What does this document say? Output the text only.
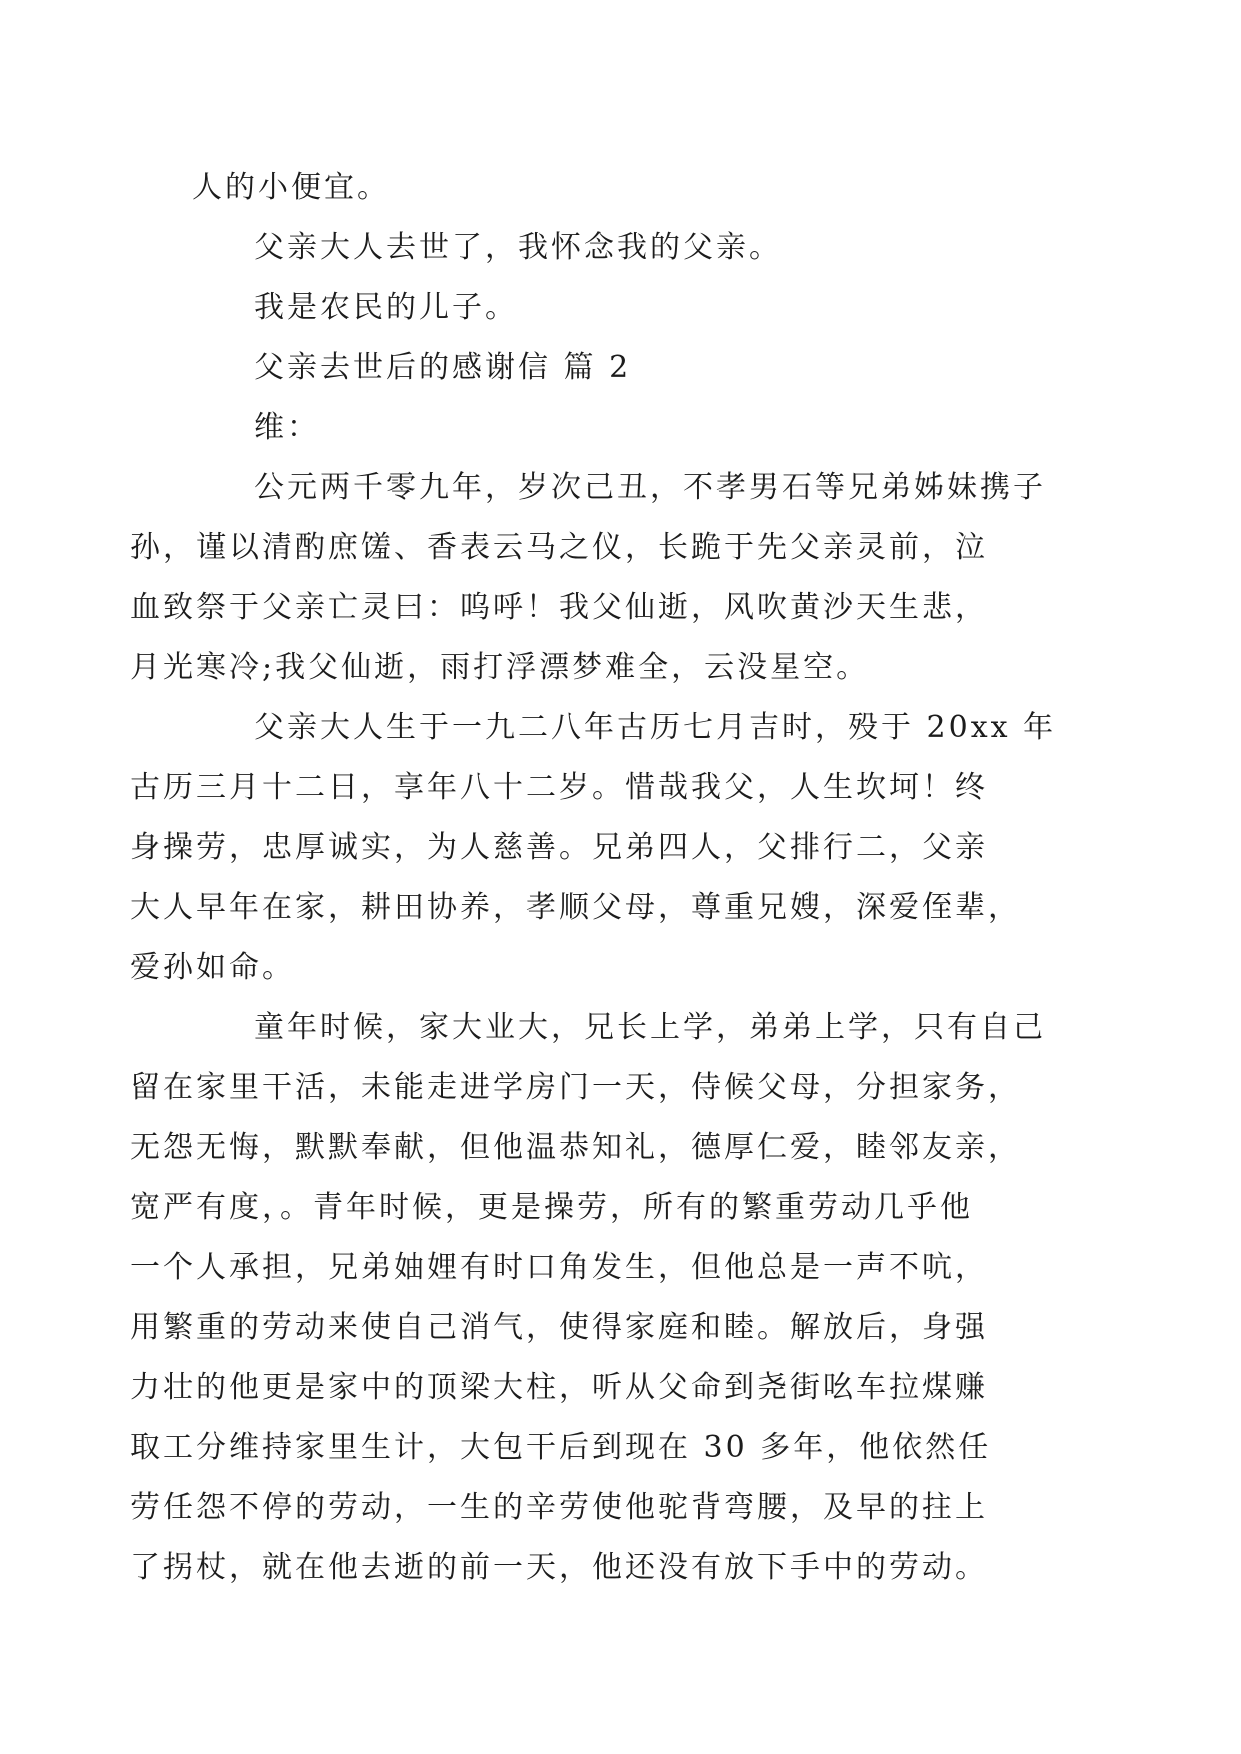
人的小便宜。

父亲大人去世了，我怀念我的父亲。

我是农民的儿子。

父亲去世后的感谢信 篇 2

维：

公元两千零九年，岁次己丑，不孝男石等兄弟姊妹携子
孙，谨以清酌庶馐、香表云马之仪，长跪于先父亲灵前，泣
血致祭于父亲亡灵曰：呜呼！我父仙逝，风吹黄沙天生悲，
月光寒冷;我父仙逝，雨打浮漂梦难全，云没星空。

父亲大人生于一九二八年古历七月吉时，殁于 20xx 年
古历三月十二日，享年八十二岁。惜哉我父，人生坎坷！终
身操劳，忠厚诚实，为人慈善。兄弟四人，父排行二，父亲
大人早年在家，耕田协养，孝顺父母，尊重兄嫂，深爱侄辈，
爱孙如命。

童年时候，家大业大，兄长上学，弟弟上学，只有自己
留在家里干活，未能走进学房门一天，侍候父母，分担家务，
无怨无悔，默默奉献，但他温恭知礼，德厚仁爱，睦邻友亲，
宽严有度，。青年时候，更是操劳，所有的繁重劳动几乎他
一个人承担，兄弟妯娌有时口角发生，但他总是一声不吭，
用繁重的劳动来使自己消气，使得家庭和睦。解放后，身强
力壮的他更是家中的顶梁大柱，听从父命到尧街吆车拉煤赚
取工分维持家里生计，大包干后到现在 30 多年，他依然任
劳任怨不停的劳动，一生的辛劳使他驼背弯腰，及早的拄上
了拐杖，就在他去逝的前一天，他还没有放下手中的劳动。
